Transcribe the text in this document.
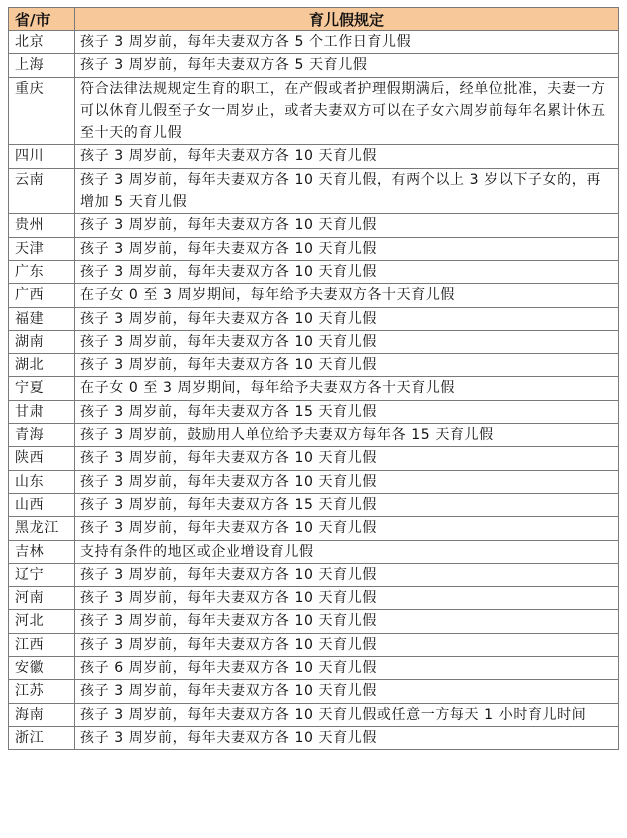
省/市	育儿假规定
北京	孩子 3 周岁前，每年夫妻双方各 5 个工作日育儿假
上海	孩子 3 周岁前，每年夫妻双方各 5 天育儿假
重庆	符合法律法规规定生育的职工，在产假或者护理假期满后，经单位批准，夫妻一方可以休育儿假至子女一周岁止，或者夫妻双方可以在子女六周岁前每年名累计休五至十天的育儿假
四川	孩子 3 周岁前，每年夫妻双方各 10 天育儿假
云南	孩子 3 周岁前，每年夫妻双方各 10 天育儿假，有两个以上 3 岁以下子女的，再增加 5 天育儿假
贵州	孩子 3 周岁前，每年夫妻双方各 10 天育儿假
天津	孩子 3 周岁前，每年夫妻双方各 10 天育儿假
广东	孩子 3 周岁前，每年夫妻双方各 10 天育儿假
广西	在子女 0 至 3 周岁期间，每年给予夫妻双方各十天育儿假
福建	孩子 3 周岁前，每年夫妻双方各 10 天育儿假
湖南	孩子 3 周岁前，每年夫妻双方各 10 天育儿假
湖北	孩子 3 周岁前，每年夫妻双方各 10 天育儿假
宁夏	在子女 0 至 3 周岁期间，每年给予夫妻双方各十天育儿假
甘肃	孩子 3 周岁前，每年夫妻双方各 15 天育儿假
青海	孩子 3 周岁前，鼓励用人单位给予夫妻双方每年各 15 天育儿假
陕西	孩子 3 周岁前，每年夫妻双方各 10 天育儿假
山东	孩子 3 周岁前，每年夫妻双方各 10 天育儿假
山西	孩子 3 周岁前，每年夫妻双方各 15 天育儿假
黑龙江	孩子 3 周岁前，每年夫妻双方各 10 天育儿假
吉林	支持有条件的地区或企业增设育儿假
辽宁	孩子 3 周岁前，每年夫妻双方各 10 天育儿假
河南	孩子 3 周岁前，每年夫妻双方各 10 天育儿假
河北	孩子 3 周岁前，每年夫妻双方各 10 天育儿假
江西	孩子 3 周岁前，每年夫妻双方各 10 天育儿假
安徽	孩子 6 周岁前，每年夫妻双方各 10 天育儿假
江苏	孩子 3 周岁前，每年夫妻双方各 10 天育儿假
海南	孩子 3 周岁前，每年夫妻双方各 10 天育儿假或任意一方每天 1 小时育儿时间
浙江	孩子 3 周岁前，每年夫妻双方各 10 天育儿假
